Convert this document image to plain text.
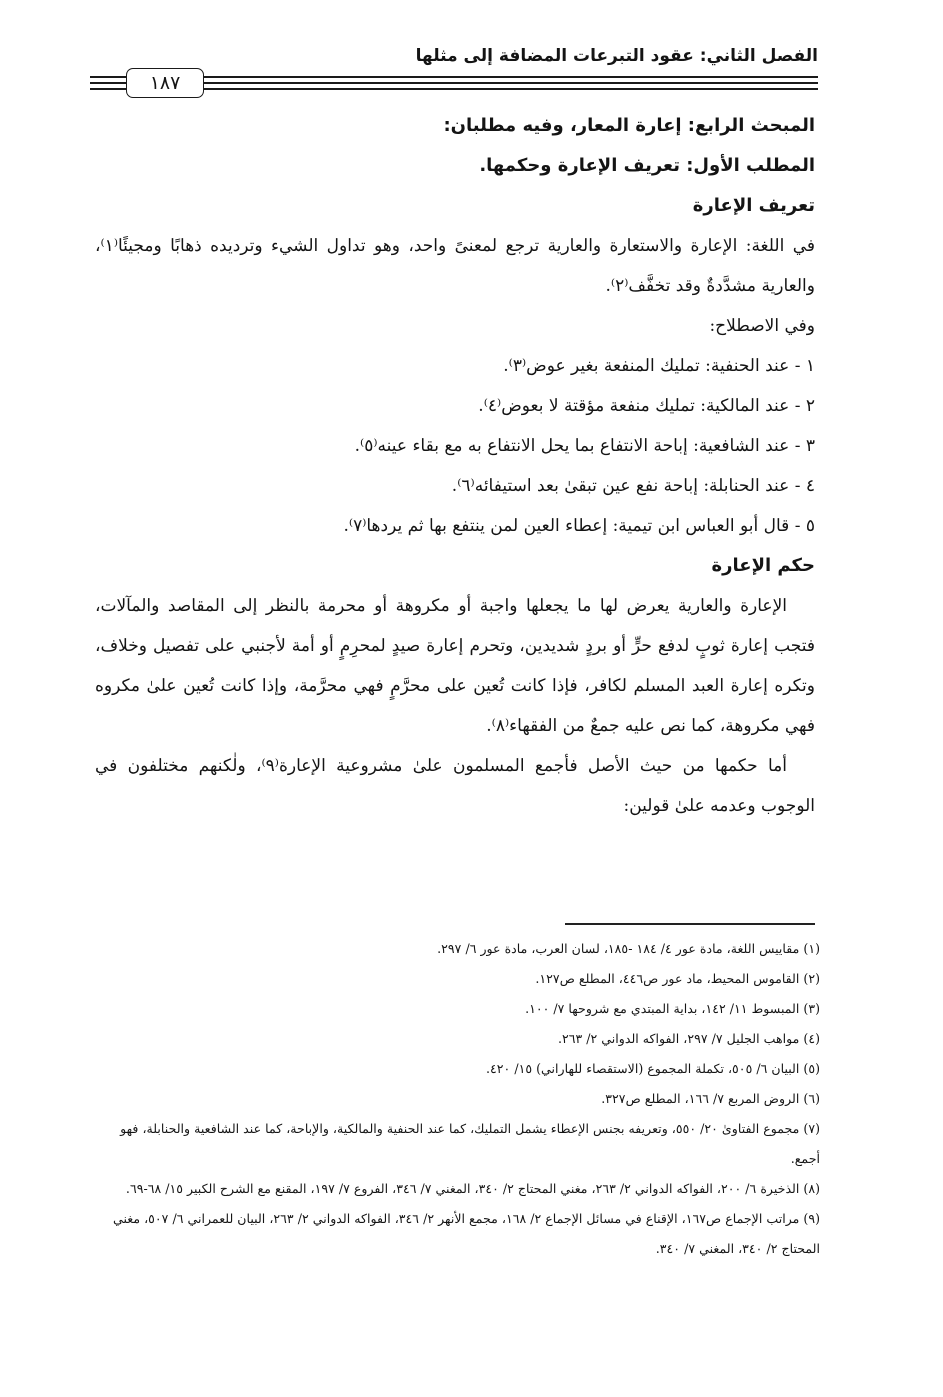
الفصل الثاني: عقود التبرعات المضافة إلى مثلها
١٨٧

المبحث الرابع: إعارة المعار، وفيه مطلبان:

المطلب الأول: تعريف الإعارة وحكمها.

تعريف الإعارة

في اللغة: الإعارة والاستعارة والعارية ترجع لمعنىً واحد، وهو تداول الشيء وترديده ذهابًا ومجيئًا⁽١⁾، والعارية مشدَّدةٌ وقد تخفَّف⁽٢⁾.

وفي الاصطلاح:

١ - عند الحنفية: تمليك المنفعة بغير عوض⁽٣⁾.

٢ - عند المالكية: تمليك منفعة مؤقتة لا بعوض⁽٤⁾.

٣ - عند الشافعية: إباحة الانتفاع بما يحل الانتفاع به مع بقاء عينه⁽٥⁾.

٤ - عند الحنابلة: إباحة نفع عين تبقىٰ بعد استيفائه⁽٦⁾.

٥ - قال أبو العباس ابن تيمية: إعطاء العين لمن ينتفع بها ثم يردها⁽٧⁾.

حكم الإعارة

الإعارة والعارية يعرض لها ما يجعلها واجبة أو مكروهة أو محرمة بالنظر إلى المقاصد والمآلات، فتجب إعارة ثوبٍ لدفع حرٍّ أو بردٍ شديدين، وتحرم إعارة صيدٍ لمحرِمٍ أو أمة لأجنبي على تفصيل وخلاف، وتكره إعارة العبد المسلم لكافر، فإذا كانت تُعين على محرَّمٍ فهي محرَّمة، وإذا كانت تُعين علىٰ مكروه فهي مكروهة، كما نص عليه جمعٌ من الفقهاء⁽٨⁾.

أما حكمها من حيث الأصل فأجمع المسلمون علىٰ مشروعية الإعارة⁽٩⁾، ولٰكنهم مختلفون في الوجوب وعدمه علىٰ قولين:

(١) مقاييس اللغة، مادة عور ٤/ ١٨٤ -١٨٥، لسان العرب، مادة عور ٦/ ٢٩٧.

(٢) القاموس المحيط، ماد عور ص٤٤٦، المطلع ص١٢٧.

(٣) المبسوط ١١/ ١٤٢، بداية المبتدي مع شروحها ٧/ ١٠٠.

(٤) مواهب الجليل ٧/ ٢٩٧، الفواكه الدواني ٢/ ٢٦٣.

(٥) البيان ٦/ ٥٠٥، تكملة المجموع (الاستقصاء للهاراني) ١٥/ ٤٢٠.

(٦) الروض المربع ٧/ ١٦٦، المطلع ص٣٢٧.

(٧) مجموع الفتاوىٰ ٢٠/ ٥٥٠، وتعريفه بجنس الإعطاء يشمل التمليك، كما عند الحنفية والمالكية، والإباحة، كما عند الشافعية والحنابلة، فهو أجمع.

(٨) الذخيرة ٦/ ٢٠٠، الفواكه الدواني ٢/ ٢٦٣، مغني المحتاج ٢/ ٣٤٠، المغني ٧/ ٣٤٦، الفروع ٧/ ١٩٧، المقنع مع الشرح الكبير ١٥/ ٦٨-٦٩.

(٩) مراتب الإجماع ص١٦٧، الإقناع في مسائل الإجماع ٢/ ١٦٨، مجمع الأنهر ٢/ ٣٤٦، الفواكه الدواني ٢/ ٢٦٣، البيان للعمراني ٦/ ٥٠٧، مغني المحتاج ٢/ ٣٤٠، المغني ٧/ ٣٤٠.
